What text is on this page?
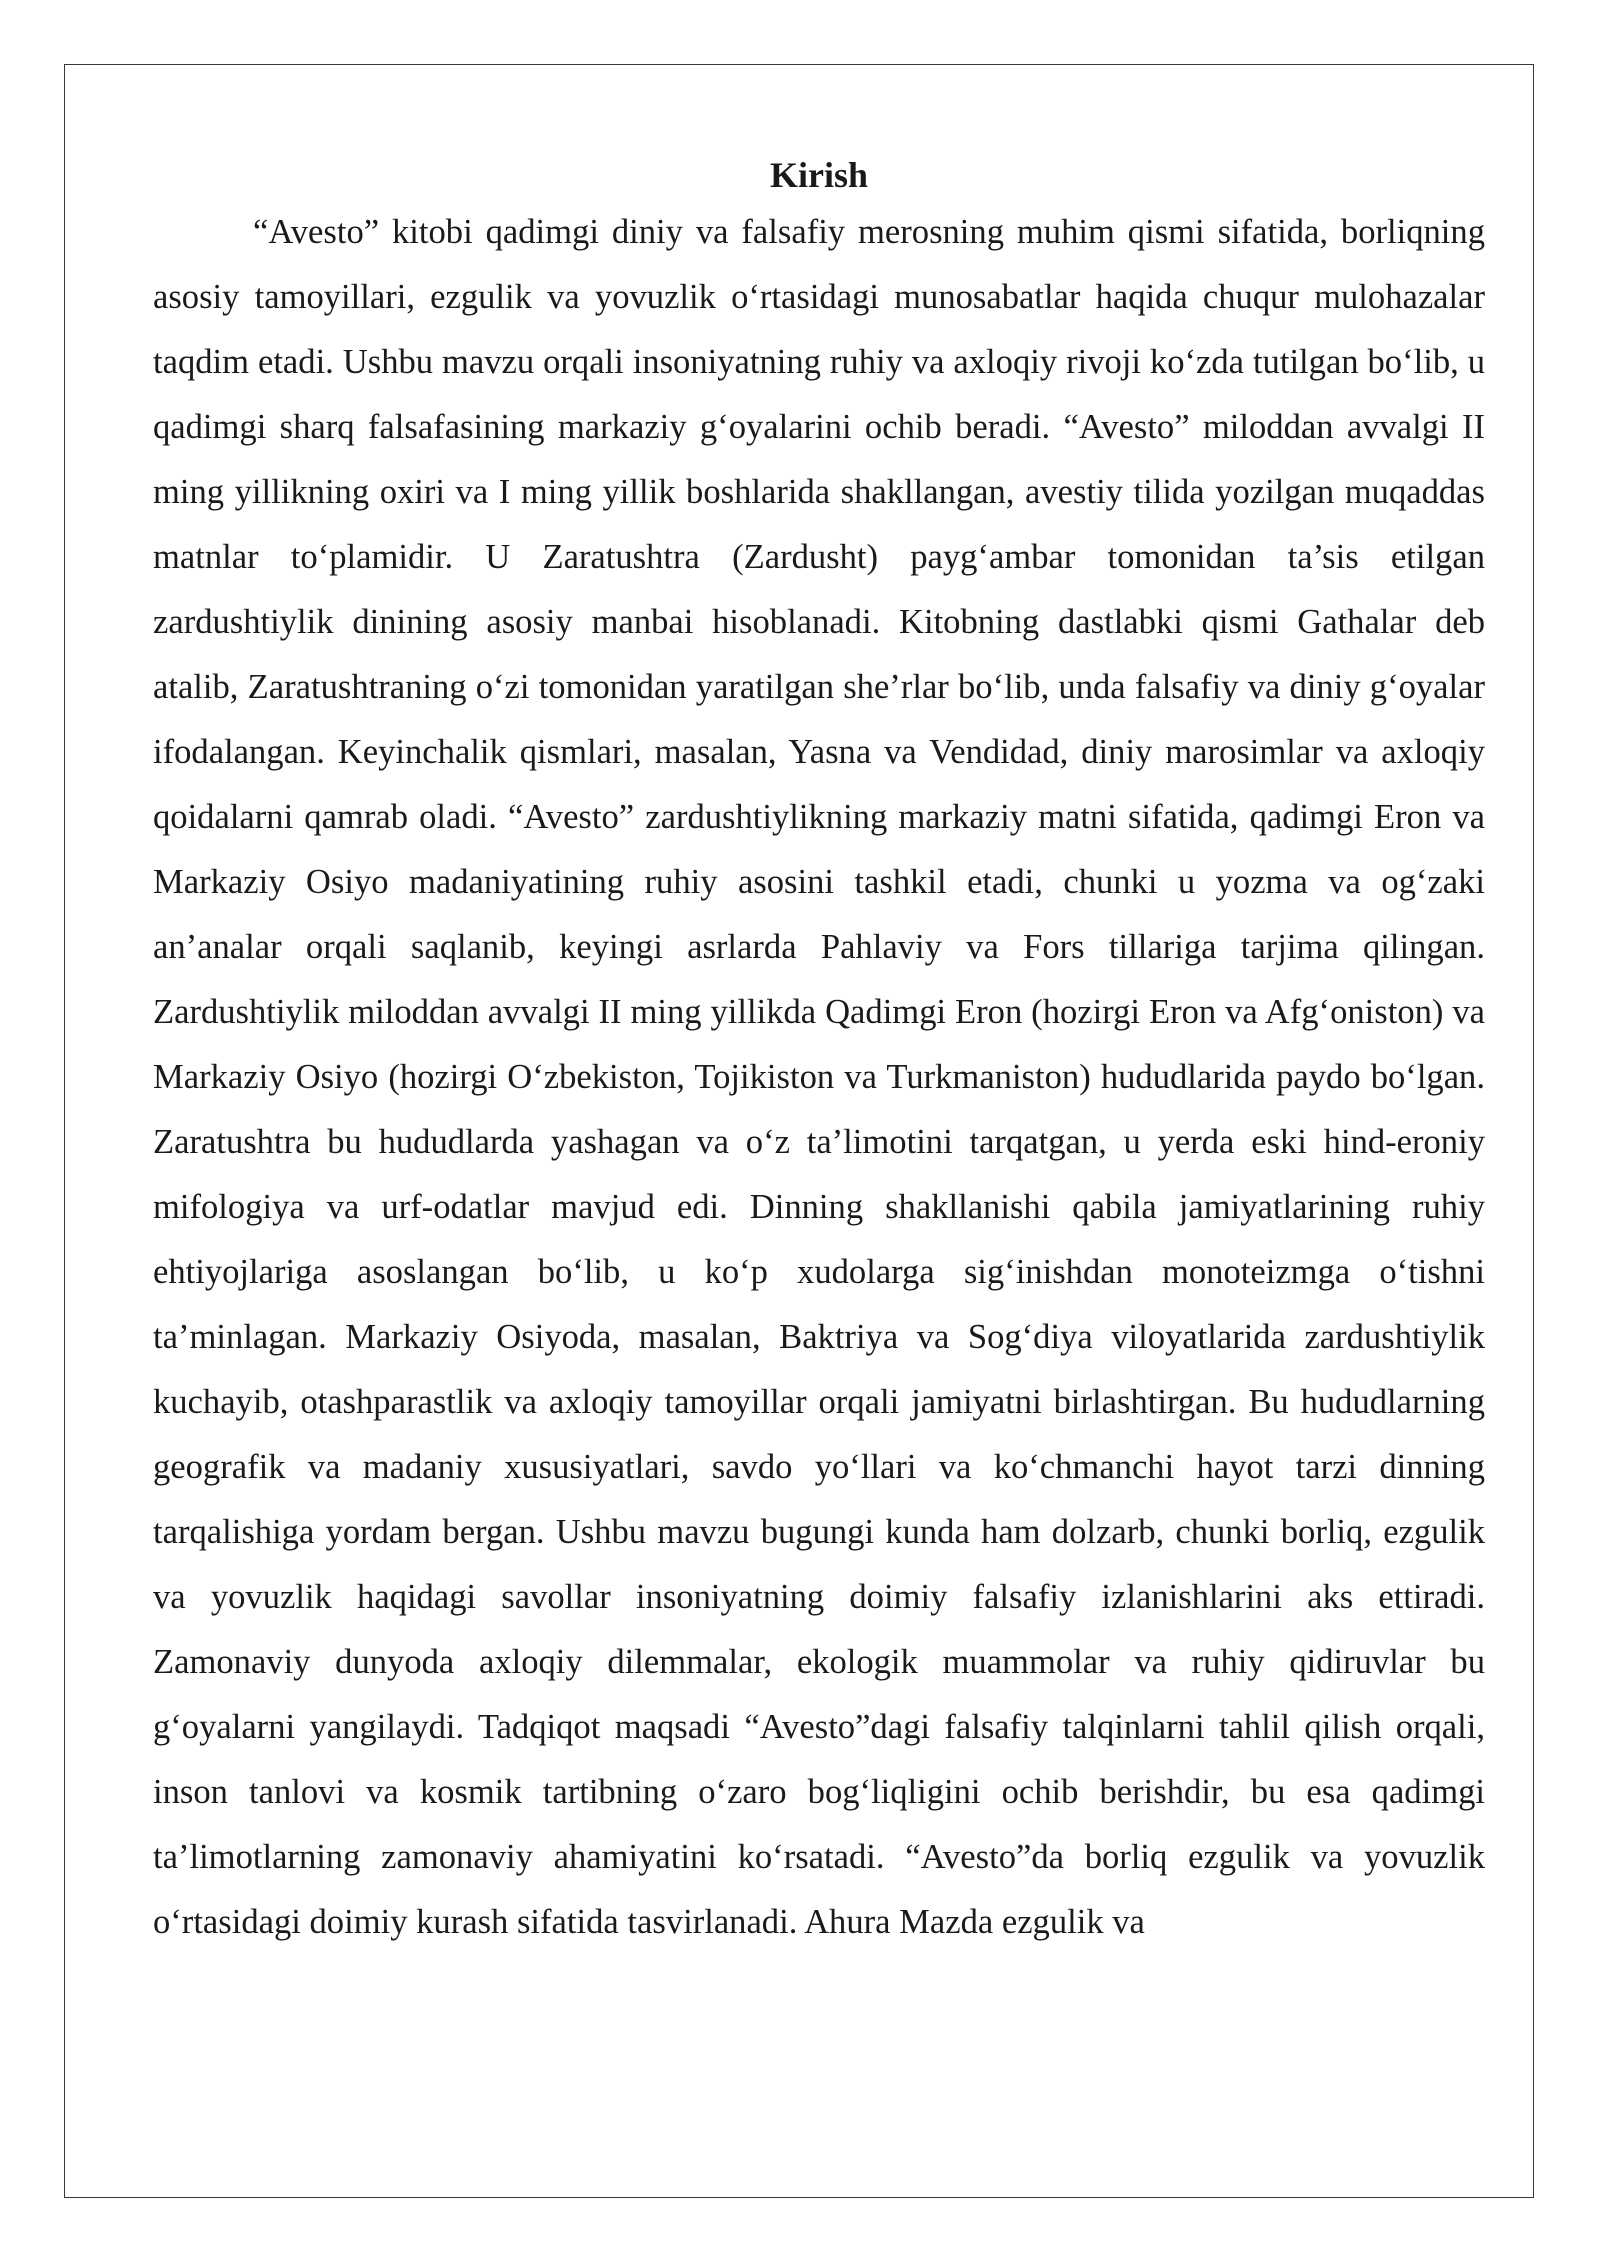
Kirish

“Avesto” kitobi qadimgi diniy va falsafiy merosning muhim qismi sifatida, borliqning asosiy tamoyillari, ezgulik va yovuzlik o‘rtasidagi munosabatlar haqida chuqur mulohazalar taqdim etadi. Ushbu mavzu orqali insoniyatning ruhiy va axloqiy rivoji ko‘zda tutilgan bo‘lib, u qadimgi sharq falsafasining markaziy g‘oyalarini ochib beradi. “Avesto” miloddan avvalgi II ming yillikning oxiri va I ming yillik boshlarida shakllangan, avestiy tilida yozilgan muqaddas matnlar to‘plamidir. U Zaratushtra (Zardusht) payg‘ambar tomonidan ta’sis etilgan zardushtiylik dinining asosiy manbai hisoblanadi. Kitobning dastlabki qismi Gathalar deb atalib, Zaratushtraning o‘zi tomonidan yaratilgan she’rlar bo‘lib, unda falsafiy va diniy g‘oyalar ifodalangan. Keyinchalik qismlari, masalan, Yasna va Vendidad, diniy marosimlar va axloqiy qoidalarni qamrab oladi. “Avesto” zardushtiylikning markaziy matni sifatida, qadimgi Eron va Markaziy Osiyo madaniyatining ruhiy asosini tashkil etadi, chunki u yozma va og‘zaki an’analar orqali saqlanib, keyingi asrlarda Pahlaviy va Fors tillariga tarjima qilingan. Zardushtiylik miloddan avvalgi II ming yillikda Qadimgi Eron (hozirgi Eron va Afg‘oniston) va Markaziy Osiyo (hozirgi O‘zbekiston, Tojikiston va Turkmaniston) hududlarida paydo bo‘lgan. Zaratushtra bu hududlarda yashagan va o‘z ta’limotini tarqatgan, u yerda eski hind-eroniy mifologiya va urf-odatlar mavjud edi. Dinning shakllanishi qabila jamiyatlarining ruhiy ehtiyojlariga asoslangan bo‘lib, u ko‘p xudolarga sig‘inishdan monoteizmga o‘tishni ta’minlagan. Markaziy Osiyoda, masalan, Baktriya va Sog‘diya viloyatlarida zardushtiylik kuchayib, otashparastlik va axloqiy tamoyillar orqali jamiyatni birlashtirgan. Bu hududlarning geografik va madaniy xususiyatlari, savdo yo‘llari va ko‘chmanchi hayot tarzi dinning tarqalishiga yordam bergan. Ushbu mavzu bugungi kunda ham dolzarb, chunki borliq, ezgulik va yovuzlik haqidagi savollar insoniyatning doimiy falsafiy izlanishlarini aks ettiradi. Zamonaviy dunyoda axloqiy dilemmalar, ekologik muammolar va ruhiy qidiruvlar bu g‘oyalarni yangilaydi. Tadqiqot maqsadi “Avesto”dagi falsafiy talqinlarni tahlil qilish orqali, inson tanlovi va kosmik tartibning o‘zaro bog‘liqligini ochib berishdir, bu esa qadimgi ta’limotlarning zamonaviy ahamiyatini ko‘rsatadi. “Avesto”da borliq ezgulik va yovuzlik o‘rtasidagi doimiy kurash sifatida tasvirlanadi. Ahura Mazda ezgulik va
